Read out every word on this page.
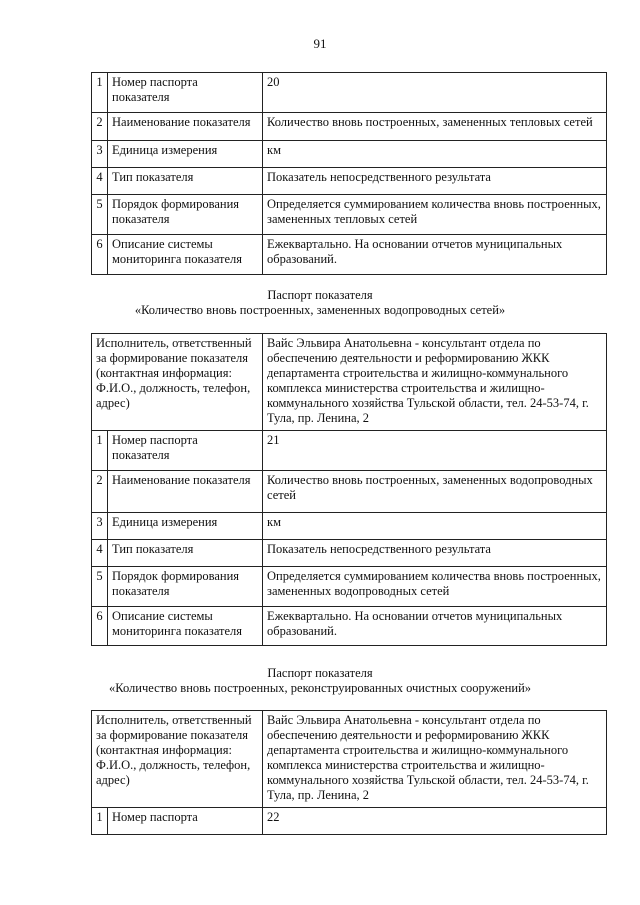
91
1	Номер паспорта показателя	20
2	Наименование показателя	Количество вновь построенных, замененных тепловых сетей
3	Единица измерения	км
4	Тип показателя	Показатель непосредственного результата
5	Порядок формирования показателя	Определяется суммированием количества вновь построенных, замененных тепловых сетей
6	Описание системы мониторинга показателя	Ежеквартально. На основании отчетов муниципальных образований.
Паспорт показателя
«Количество вновь построенных, замененных водопроводных сетей»
Исполнитель, ответственный за формирование показателя (контактная информация: Ф.И.О., должность, телефон, адрес)		Вайс Эльвира Анатольевна - консультант отдела по обеспечению деятельности и реформированию ЖКК департамента строительства и жилищно-коммунального комплекса министерства строительства и жилищно-коммунального хозяйства Тульской области, тел. 24-53-74, г. Тула, пр. Ленина, 2
1	Номер паспорта показателя	21
2	Наименование показателя	Количество вновь построенных, замененных водопроводных сетей
3	Единица измерения	км
4	Тип показателя	Показатель непосредственного результата
5	Порядок формирования показателя	Определяется суммированием количества вновь построенных, замененных водопроводных сетей
6	Описание системы мониторинга показателя	Ежеквартально. На основании отчетов муниципальных образований.
Паспорт показателя
«Количество вновь построенных, реконструированных очистных сооружений»
Исполнитель, ответственный за формирование показателя (контактная информация: Ф.И.О., должность, телефон, адрес)		Вайс Эльвира Анатольевна - консультант отдела по обеспечению деятельности и реформированию ЖКК департамента строительства и жилищно-коммунального комплекса министерства строительства и жилищно-коммунального хозяйства Тульской области, тел. 24-53-74, г. Тула, пр. Ленина, 2
1	Номер паспорта	22
